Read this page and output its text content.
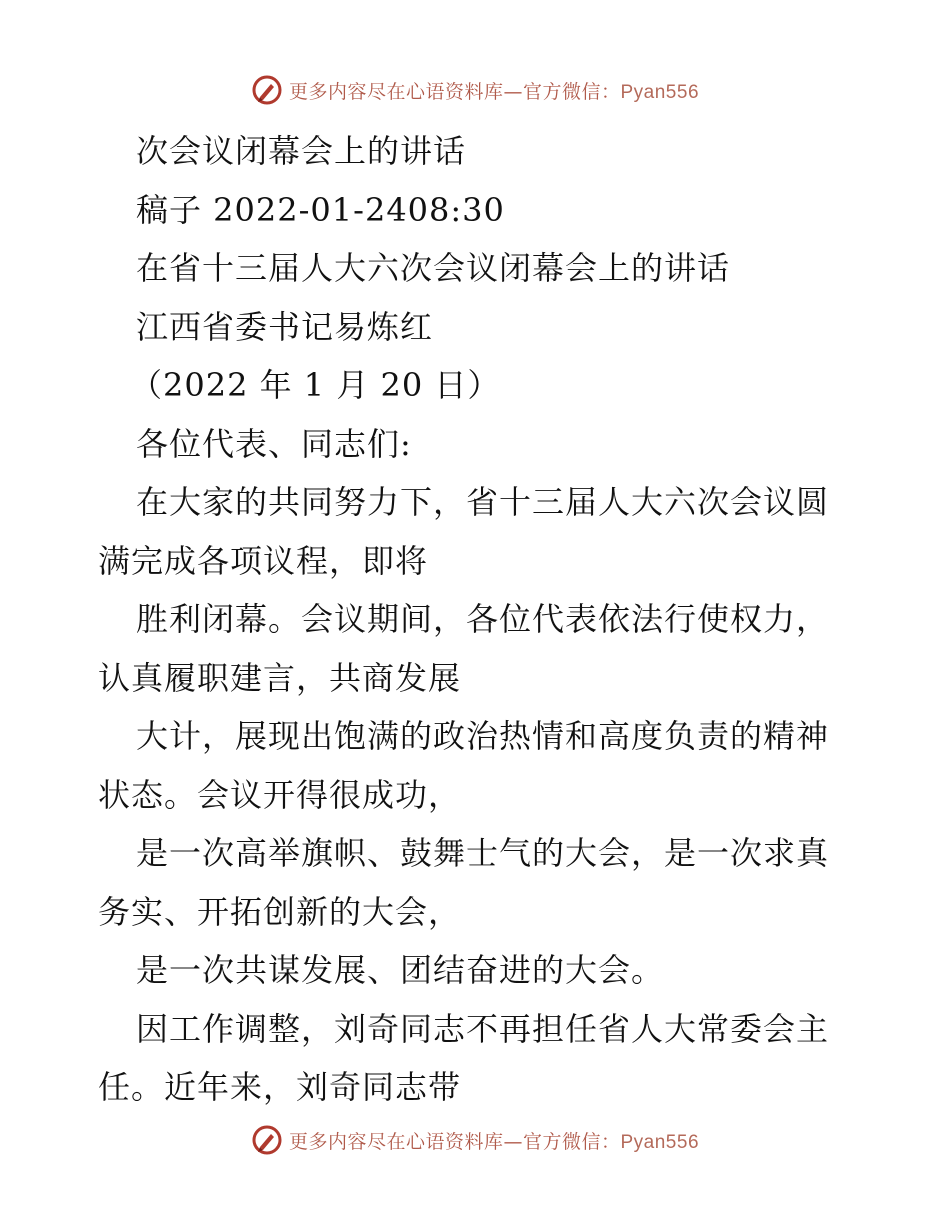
更多内容尽在心语资料库—官方微信：Pyan556
次会议闭幕会上的讲话
稿子 2022-01-2408:30
在省十三届人大六次会议闭幕会上的讲话
江西省委书记易炼红
（2022 年 1 月 20 日）
各位代表、同志们:
在大家的共同努力下，省十三届人大六次会议圆
满完成各项议程，即将
胜利闭幕。会议期间，各位代表依法行使权力，
认真履职建言，共商发展
大计，展现出饱满的政治热情和高度负责的精神
状态。会议开得很成功，
是一次高举旗帜、鼓舞士气的大会，是一次求真
务实、开拓创新的大会，
是一次共谋发展、团结奋进的大会。
因工作调整，刘奇同志不再担任省人大常委会主
任。近年来，刘奇同志带
更多内容尽在心语资料库—官方微信：Pyan556
